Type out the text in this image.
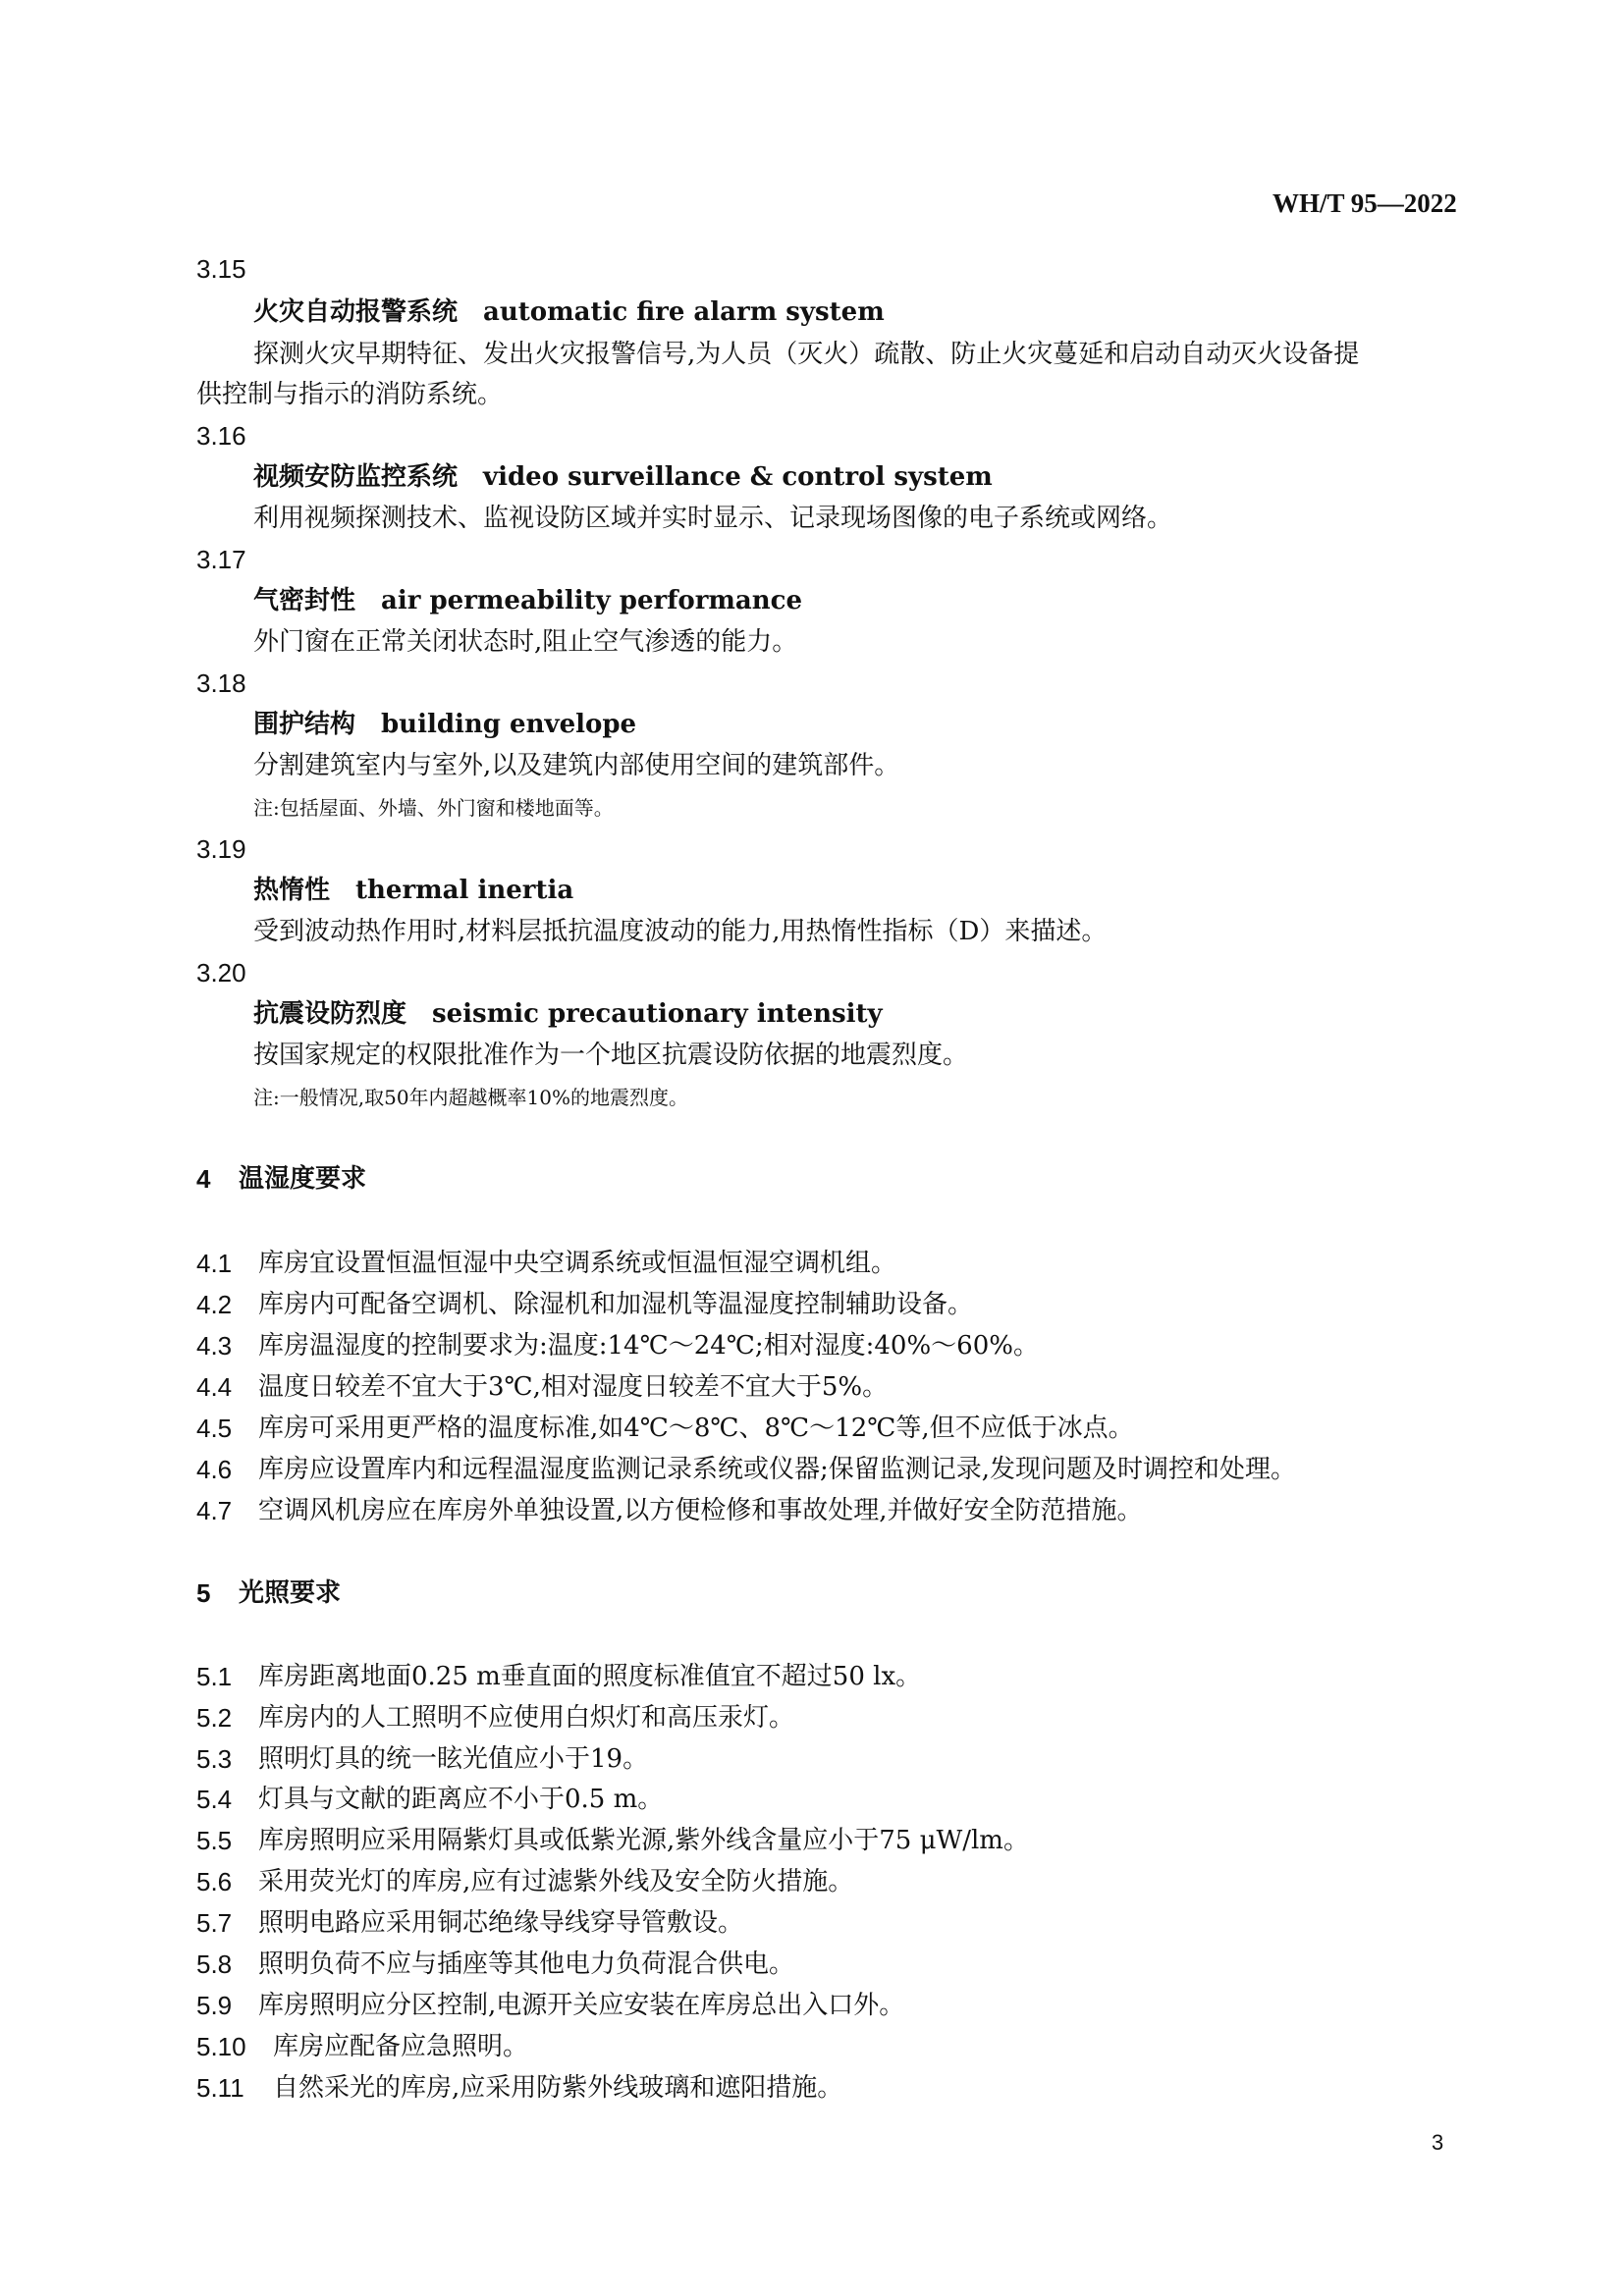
WH/T 95—2022
3.15
火灾自动报警系统　automatic fire alarm system
探测火灾早期特征、发出火灾报警信号,为人员（灭火）疏散、防止火灾蔓延和启动自动灭火设备提
供控制与指示的消防系统。
3.16
视频安防监控系统　video surveillance & control system
利用视频探测技术、监视设防区域并实时显示、记录现场图像的电子系统或网络。
3.17
气密封性　air permeability performance
外门窗在正常关闭状态时,阻止空气渗透的能力。
3.18
围护结构　building envelope
分割建筑室内与室外,以及建筑内部使用空间的建筑部件。
注:包括屋面、外墙、外门窗和楼地面等。
3.19
热惰性　thermal inertia
受到波动热作用时,材料层抵抗温度波动的能力,用热惰性指标（D）来描述。
3.20
抗震设防烈度　seismic precautionary intensity
按国家规定的权限批准作为一个地区抗震设防依据的地震烈度。
注:一般情况,取50年内超越概率10%的地震烈度。
4 温湿度要求
4.1 库房宜设置恒温恒湿中央空调系统或恒温恒湿空调机组。
4.2 库房内可配备空调机、除湿机和加湿机等温湿度控制辅助设备。
4.3 库房温湿度的控制要求为:温度:14℃～24℃;相对湿度:40%～60%。
4.4 温度日较差不宜大于3℃,相对湿度日较差不宜大于5%。
4.5 库房可采用更严格的温度标准,如4℃～8℃、8℃～12℃等,但不应低于冰点。
4.6 库房应设置库内和远程温湿度监测记录系统或仪器;保留监测记录,发现问题及时调控和处理。
4.7 空调风机房应在库房外单独设置,以方便检修和事故处理,并做好安全防范措施。
5 光照要求
5.1 库房距离地面0.25 m垂直面的照度标准值宜不超过50 lx。
5.2 库房内的人工照明不应使用白炽灯和高压汞灯。
5.3 照明灯具的统一眩光值应小于19。
5.4 灯具与文献的距离应不小于0.5 m。
5.5 库房照明应采用隔紫灯具或低紫光源,紫外线含量应小于75 μW/lm。
5.6 采用荧光灯的库房,应有过滤紫外线及安全防火措施。
5.7 照明电路应采用铜芯绝缘导线穿导管敷设。
5.8 照明负荷不应与插座等其他电力负荷混合供电。
5.9 库房照明应分区控制,电源开关应安装在库房总出入口外。
5.10 库房应配备应急照明。
5.11 自然采光的库房,应采用防紫外线玻璃和遮阳措施。
3
